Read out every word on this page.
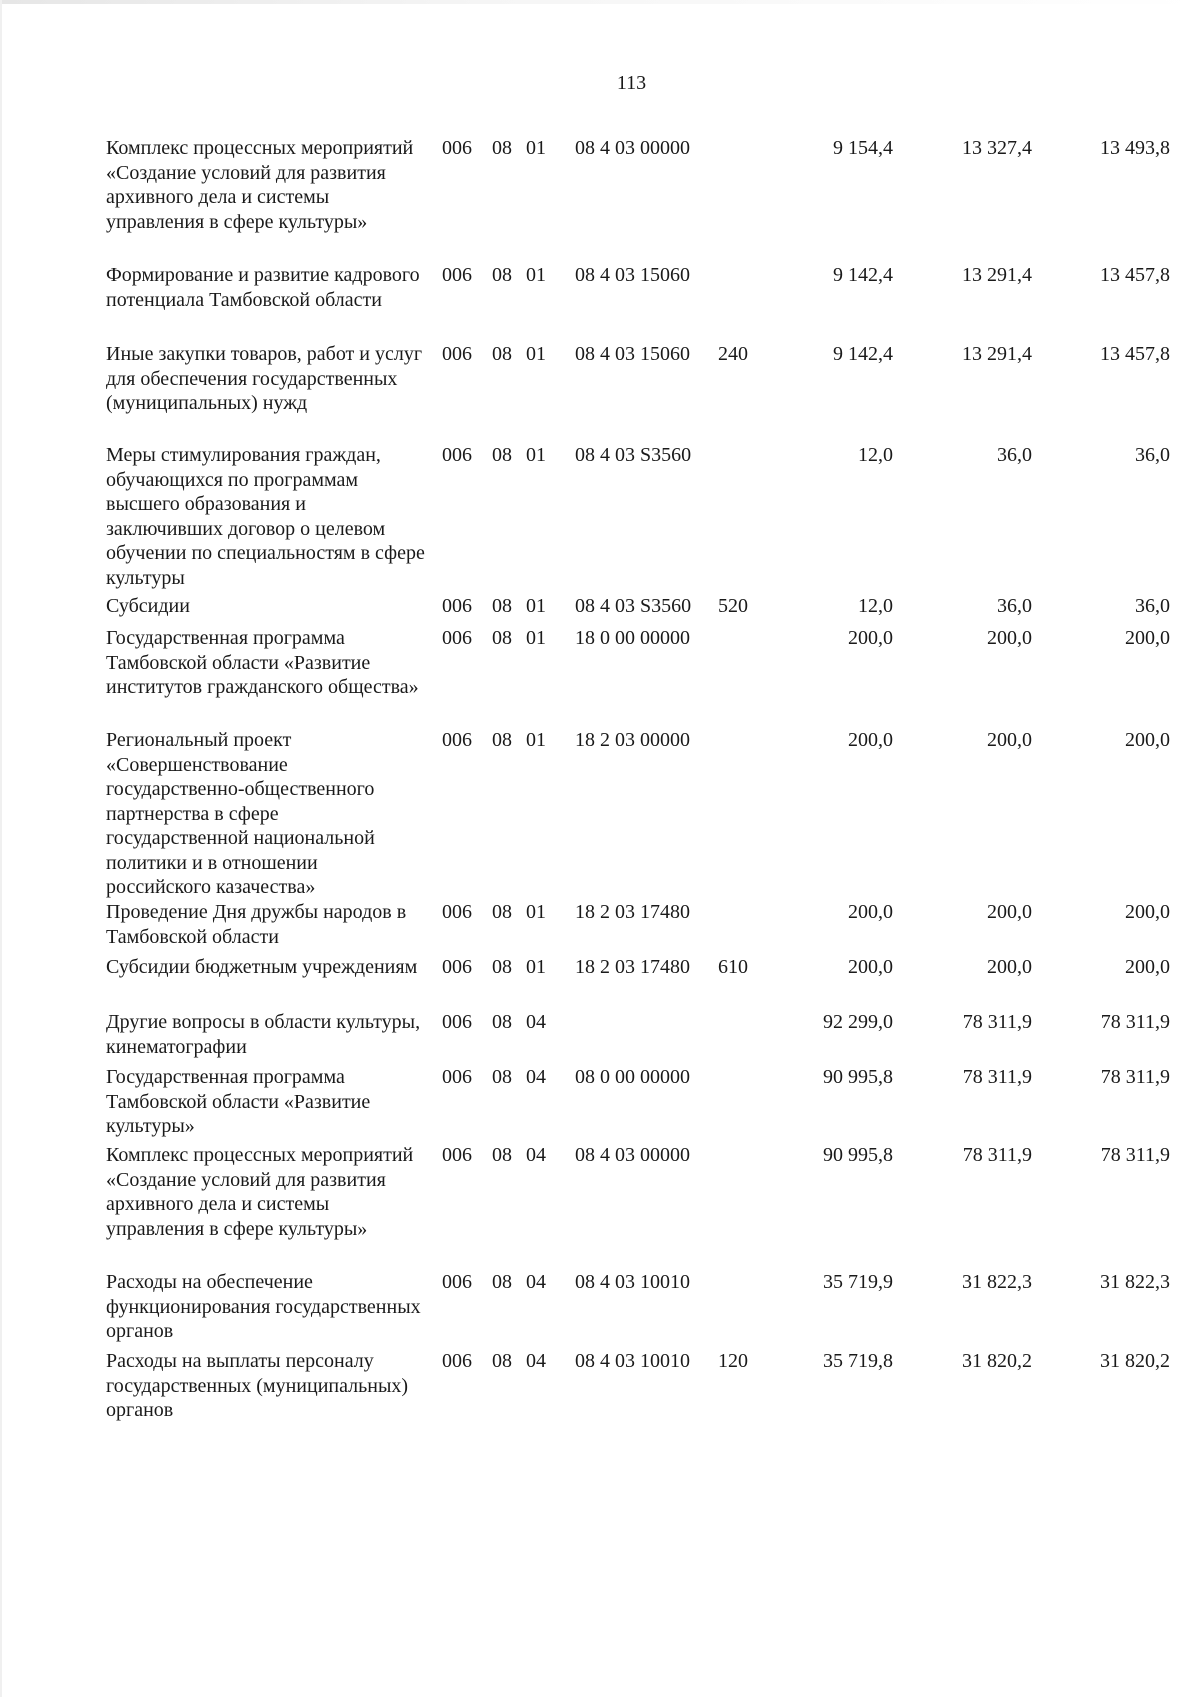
113
Комплекс процессных мероприятий «Создание условий для развития архивного дела и системы управления в сфере культуры»
006 08 01 08 4 03 00000	9 154,4	13 327,4	13 493,8
Формирование и развитие кадрового потенциала Тамбовской области
006 08 01 08 4 03 15060	9 142,4	13 291,4	13 457,8
Иные закупки товаров, работ и услуг для обеспечения государственных (муниципальных) нужд
006 08 01 08 4 03 15060 240	9 142,4	13 291,4	13 457,8
Меры стимулирования граждан, обучающихся по программам высшего образования и заключивших договор о целевом обучении по специальностям в сфере культуры
006 08 01 08 4 03 S3560	12,0	36,0	36,0
Субсидии	006 08 01 08 4 03 S3560 520	12,0	36,0	36,0
Государственная программа Тамбовской области «Развитие институтов гражданского общества»
006 08 01 18 0 00 00000	200,0	200,0	200,0
Региональный проект «Совершенствование государственно-общественного партнерства в сфере государственной национальной политики и в отношении российского казачества»
006 08 01 18 2 03 00000	200,0	200,0	200,0
Проведение Дня дружбы народов в Тамбовской области
006 08 01 18 2 03 17480	200,0	200,0	200,0
Субсидии бюджетным учреждениям	006 08 01 18 2 03 17480 610	200,0	200,0	200,0
Другие вопросы в области культуры, кинематографии
006 08 04	92 299,0	78 311,9	78 311,9
Государственная программа Тамбовской области «Развитие культуры»
006 08 04 08 0 00 00000	90 995,8	78 311,9	78 311,9
Комплекс процессных мероприятий «Создание условий для развития архивного дела и системы управления в сфере культуры»
006 08 04 08 4 03 00000	90 995,8	78 311,9	78 311,9
Расходы на обеспечение функционирования государственных органов
006 08 04 08 4 03 10010	35 719,9	31 822,3	31 822,3
Расходы на выплаты персоналу государственных (муниципальных) органов
006 08 04 08 4 03 10010 120	35 719,8	31 820,2	31 820,2
